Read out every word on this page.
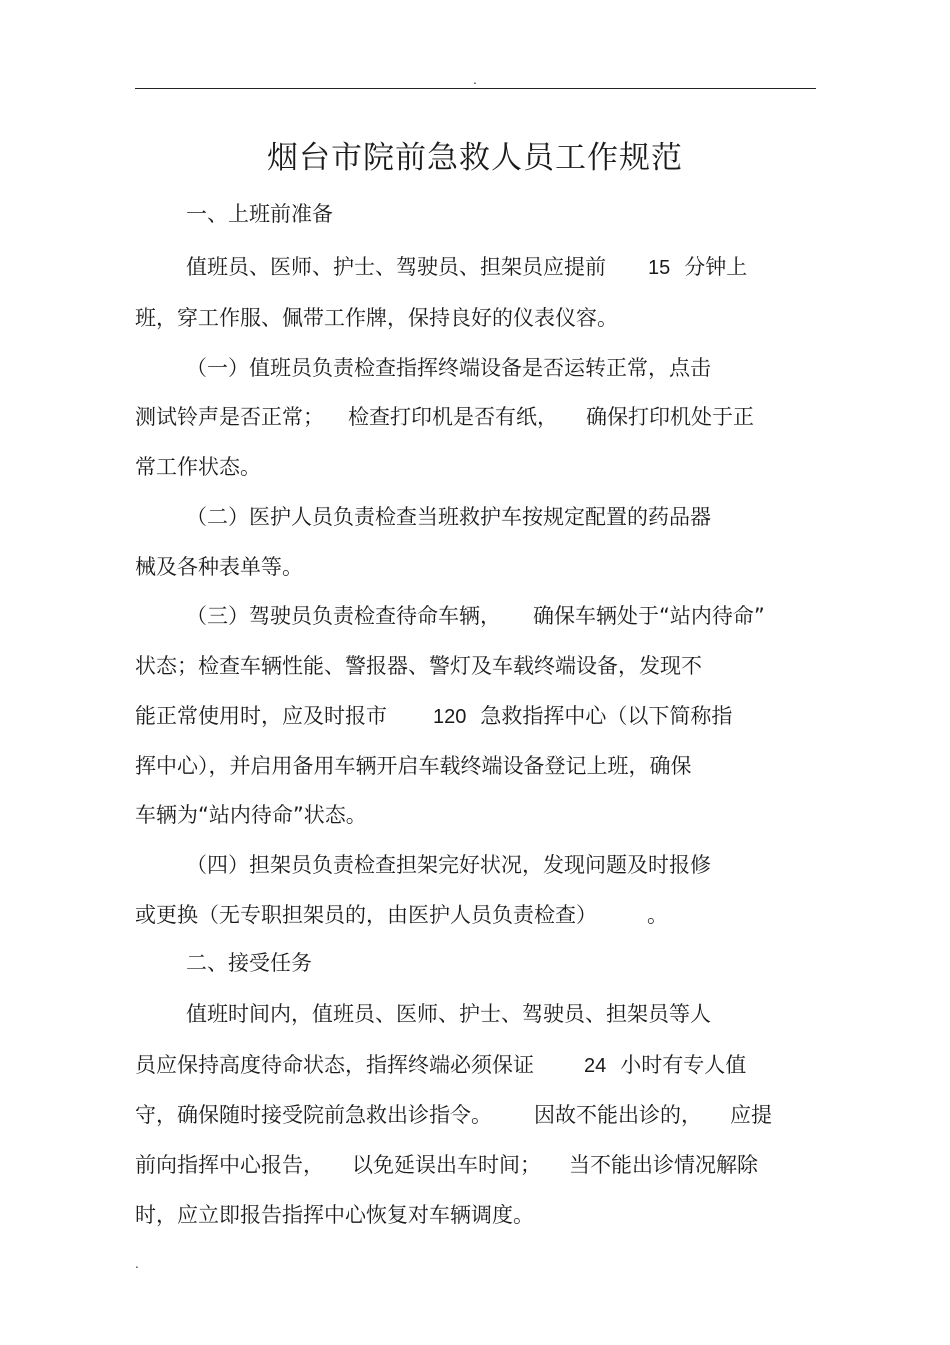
.
烟台市院前急救人员工作规范
一、上班前准备
值班员、医师、护士、驾驶员、担架员应提前 15 分钟上
班，穿工作服、佩带工作牌，保持良好的仪表仪容。
（一）值班员负责检查指挥终端设备是否运转正常，点击
测试铃声是否正常； 检查打印机是否有纸， 确保打印机处于正
常工作状态。
（二）医护人员负责检查当班救护车按规定配置的药品器
械及各种表单等。
（三）驾驶员负责检查待命车辆， 确保车辆处于“站内待命”
状态；检查车辆性能、警报器、警灯及车载终端设备，发现不
能正常使用时，应及时报市 120 急救指挥中心（以下简称指
挥中心），并启用备用车辆开启车载终端设备登记上班，确保
车辆为“站内待命”状态。
（四）担架员负责检查担架完好状况，发现问题及时报修
或更换（无专职担架员的，由医护人员负责检查） 。
二、接受任务
值班时间内，值班员、医师、护士、驾驶员、担架员等人
员应保持高度待命状态，指挥终端必须保证	24 小时有专人值
守，确保随时接受院前急救出诊指令。 因故不能出诊的， 应提
前向指挥中心报告， 以免延误出车时间； 当不能出诊情况解除
时，应立即报告指挥中心恢复对车辆调度。
.
